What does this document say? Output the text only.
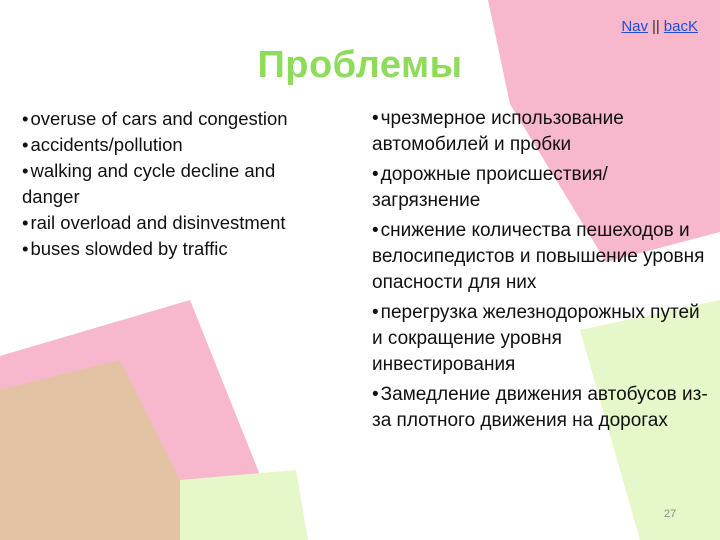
Nav || bacK
Проблемы

• overuse of cars and congestion

• accidents/pollution

• walking and cycle decline and danger

• rail overload and disinvestment

• buses slowded by traffic

• чрезмерное использование автомобилей и пробки

• дорожные происшествия/загрязнение

• снижение количества пешеходов и велосипедистов и повышение уровня опасности для них

• перегрузка железнодорожных путей и сокращение уровня инвестирования

• Замедление движения автобусов из-за плотного движения на дорогах

27
